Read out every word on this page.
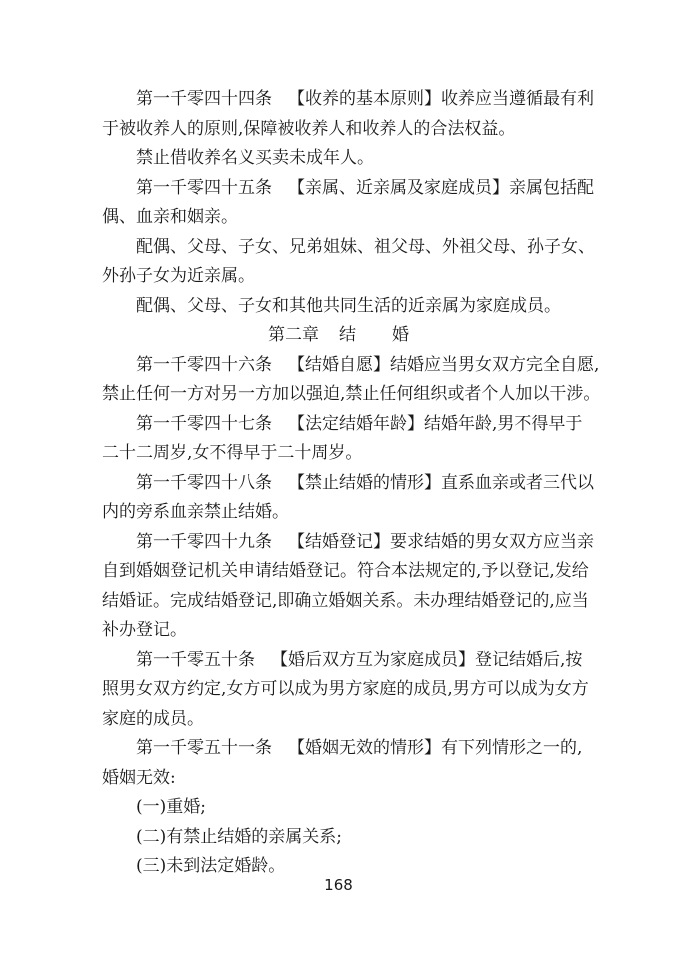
第一千零四十四条 【收养的基本原则】收养应当遵循最有利
于被收养人的原则,保障被收养人和收养人的合法权益。
禁止借收养名义买卖未成年人。
第一千零四十五条 【亲属、近亲属及家庭成员】亲属包括配
偶、血亲和姻亲。
配偶、父母、子女、兄弟姐妹、祖父母、外祖父母、孙子女、
外孙子女为近亲属。
配偶、父母、子女和其他共同生活的近亲属为家庭成员。
第二章 结 婚
第一千零四十六条 【结婚自愿】结婚应当男女双方完全自愿,
禁止任何一方对另一方加以强迫,禁止任何组织或者个人加以干涉。
第一千零四十七条 【法定结婚年龄】结婚年龄,男不得早于
二十二周岁,女不得早于二十周岁。
第一千零四十八条 【禁止结婚的情形】直系血亲或者三代以
内的旁系血亲禁止结婚。
第一千零四十九条 【结婚登记】要求结婚的男女双方应当亲
自到婚姻登记机关申请结婚登记。符合本法规定的,予以登记,发给
结婚证。完成结婚登记,即确立婚姻关系。未办理结婚登记的,应当
补办登记。
第一千零五十条 【婚后双方互为家庭成员】登记结婚后,按
照男女双方约定,女方可以成为男方家庭的成员,男方可以成为女方
家庭的成员。
第一千零五十一条 【婚姻无效的情形】有下列情形之一的,
婚姻无效:
(一)重婚;
(二)有禁止结婚的亲属关系;
(三)未到法定婚龄。
168
